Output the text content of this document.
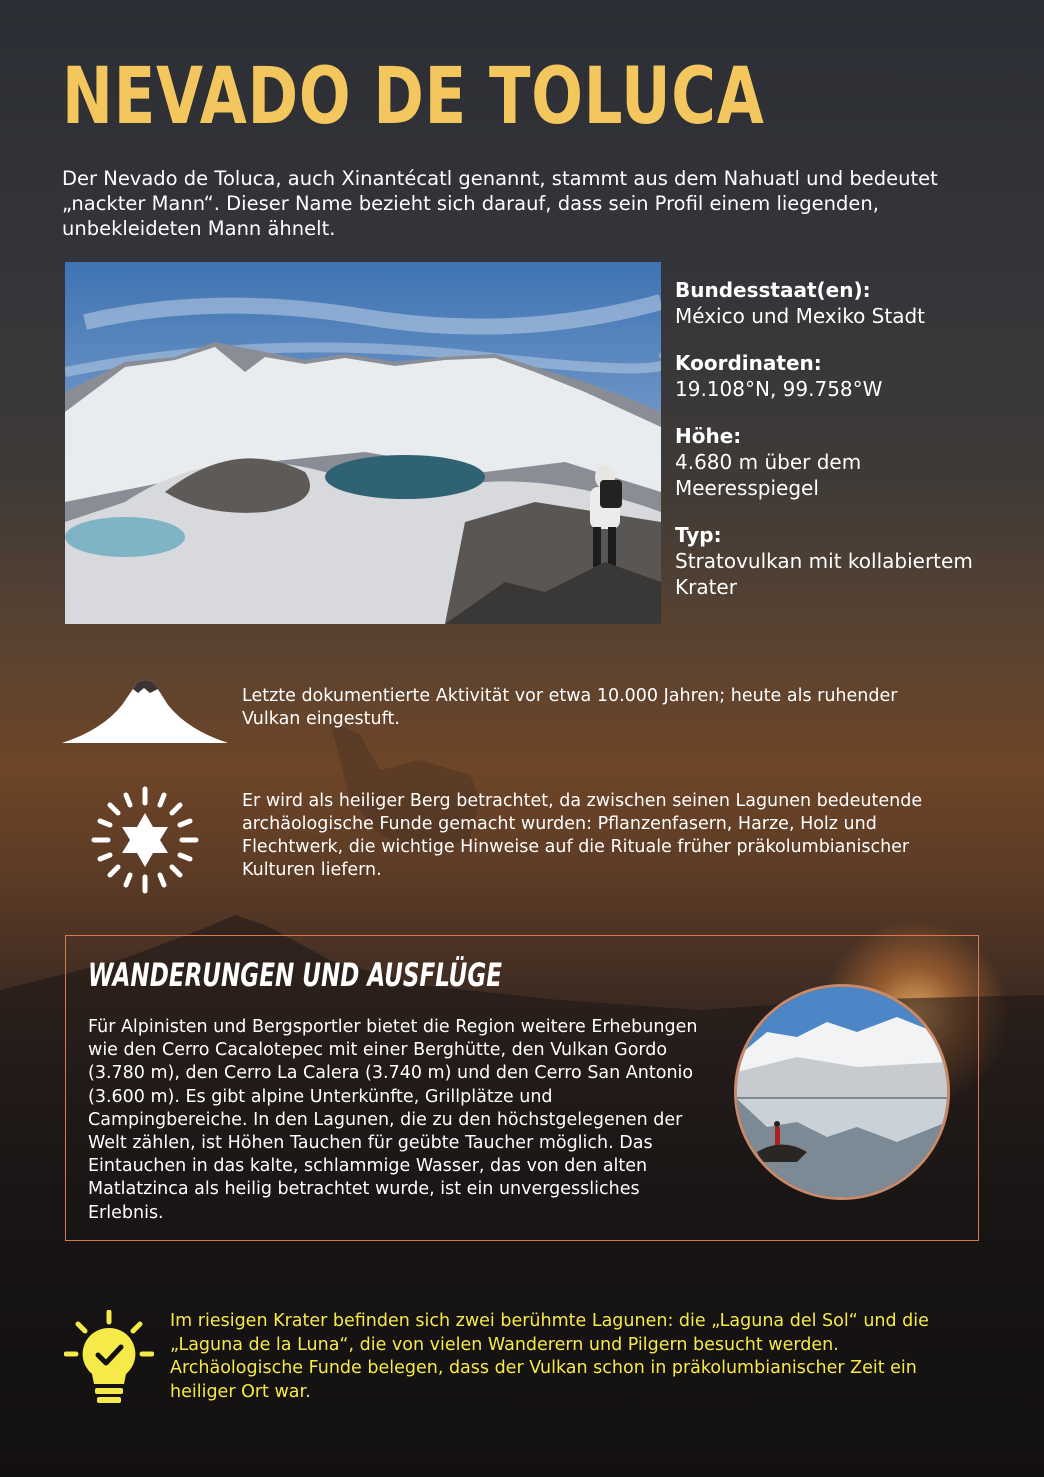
NEVADO DE TOLUCA

Der Nevado de Toluca, auch Xinantécatl genannt, stammt aus dem Nahuatl und bedeutet „nackter Mann“. Dieser Name bezieht sich darauf, dass sein Profil einem liegenden, unbekleideten Mann ähnelt.

Bundesstaat(en):
México und Mexiko Stadt
Koordinaten:
19.108°N, 99.758°W
Höhe:
4.680 m über dem Meeresspiegel
Typ:
Stratovulkan mit kollabiertem Krater

Letzte dokumentierte Aktivität vor etwa 10.000 Jahren; heute als ruhender Vulkan eingestuft.

Er wird als heiliger Berg betrachtet, da zwischen seinen Lagunen bedeutende archäologische Funde gemacht wurden: Pflanzenfasern, Harze, Holz und Flechtwerk, die wichtige Hinweise auf die Rituale früher präkolumbianischer Kulturen liefern.

WANDERUNGEN UND AUSFLÜGE

Für Alpinisten und Bergsportler bietet die Region weitere Erhebungen wie den Cerro Cacalotepec mit einer Berghütte, den Vulkan Gordo (3.780 m), den Cerro La Calera (3.740 m) und den Cerro San Antonio (3.600 m). Es gibt alpine Unterkünfte, Grillplätze und Campingbereiche. In den Lagunen, die zu den höchstgelegenen der Welt zählen, ist Höhen Tauchen für geübte Taucher möglich. Das Eintauchen in das kalte, schlammige Wasser, das von den alten Matlatzinca als heilig betrachtet wurde, ist ein unvergessliches Erlebnis.

Im riesigen Krater befinden sich zwei berühmte Lagunen: die „Laguna del Sol“ und die „Laguna de la Luna“, die von vielen Wanderern und Pilgern besucht werden. Archäologische Funde belegen, dass der Vulkan schon in präkolumbianischer Zeit ein heiliger Ort war.
